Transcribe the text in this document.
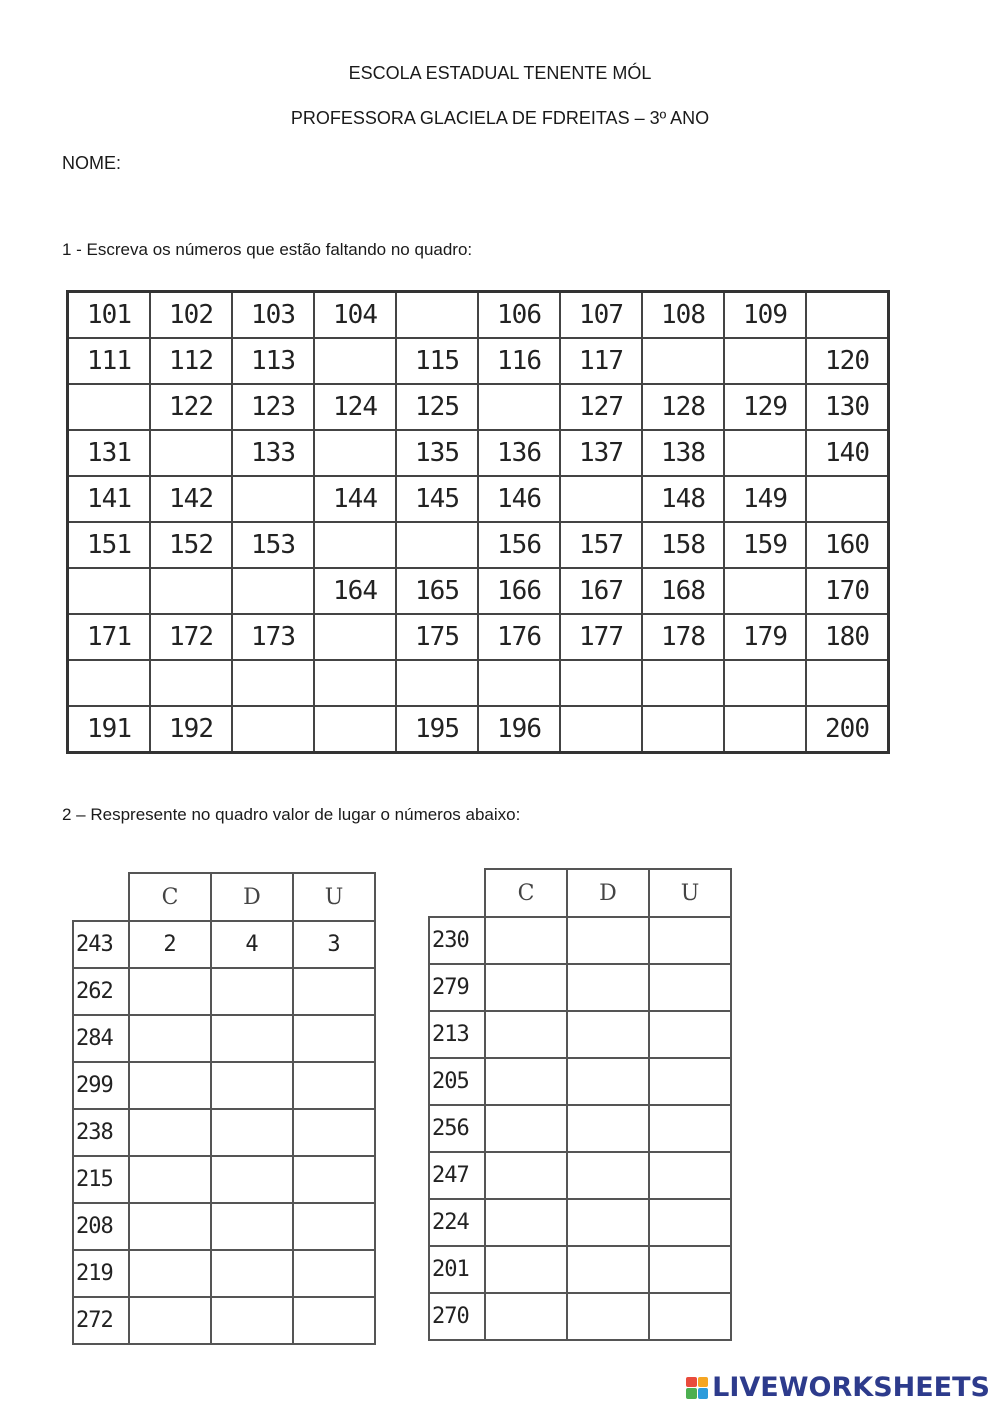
ESCOLA ESTADUAL TENENTE MÓL
PROFESSORA GLACIELA DE FDREITAS – 3º ANO
NOME:
1 - Escreva os números que estão faltando no quadro:
101	102	103	104		106	107	108	109	
111	112	113		115	116	117			120
	122	123	124	125		127	128	129	130
131		133		135	136	137	138		140
141	142		144	145	146		148	149	
151	152	153			156	157	158	159	160
			164	165	166	167	168		170
171	172	173		175	176	177	178	179	180

191	192			195	196				200
2 – Respresente no quadro valor de lugar o números abaixo:
	C	D	U
243	2	4	3
262			
284			
299			
238			
215			
208			
219			
272			
	C	D	U
230			
279			
213			
205			
256			
247			
224			
201			
270			
LIVEWORKSHEETS
